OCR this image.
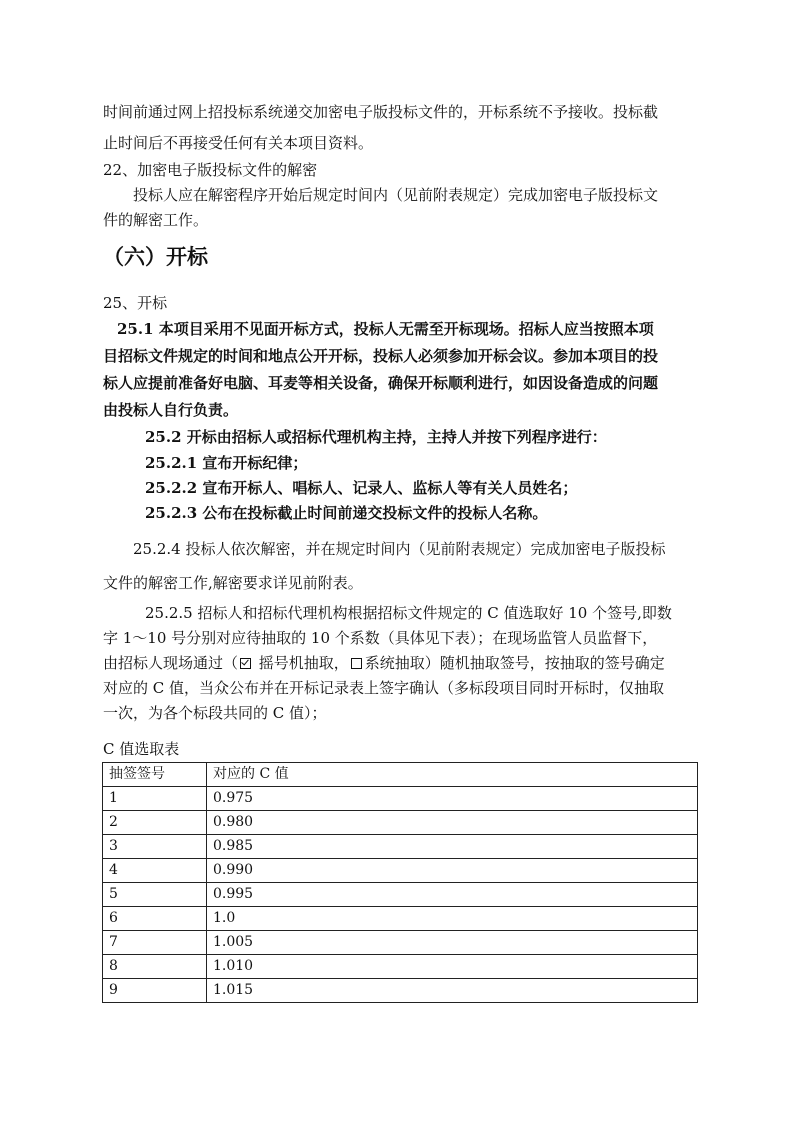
时间前通过网上招投标系统递交加密电子版投标文件的，开标系统不予接收。投标截
止时间后不再接受任何有关本项目资料。
22、加密电子版投标文件的解密
投标人应在解密程序开始后规定时间内（见前附表规定）完成加密电子版投标文
件的解密工作。
（六）开标
25、开标
25.1 本项目采用不见面开标方式，投标人无需至开标现场。招标人应当按照本项
目招标文件规定的时间和地点公开开标，投标人必须参加开标会议。参加本项目的投
标人应提前准备好电脑、耳麦等相关设备，确保开标顺利进行，如因设备造成的问题
由投标人自行负责。
25.2 开标由招标人或招标代理机构主持，主持人并按下列程序进行：
25.2.1 宣布开标纪律；
25.2.2 宣布开标人、唱标人、记录人、监标人等有关人员姓名；
25.2.3 公布在投标截止时间前递交投标文件的投标人名称。
25.2.4 投标人依次解密，并在规定时间内（见前附表规定）完成加密电子版投标
文件的解密工作,解密要求详见前附表。
25.2.5 招标人和招标代理机构根据招标文件规定的 C 值选取好 10 个签号,即数
字 1～10 号分别对应待抽取的 10 个系数（具体见下表）；在现场监管人员监督下，
由招标人现场通过（ 摇号机抽取， 系统抽取）随机抽取签号，按抽取的签号确定
对应的 C 值，当众公布并在开标记录表上签字确认（多标段项目同时开标时，仅抽取
一次，为各个标段共同的 C 值）；
C 值选取表
抽签签号	对应的 C 值
1	0.975
2	0.980
3	0.985
4	0.990
5	0.995
6	1.0
7	1.005
8	1.010
9	1.015
